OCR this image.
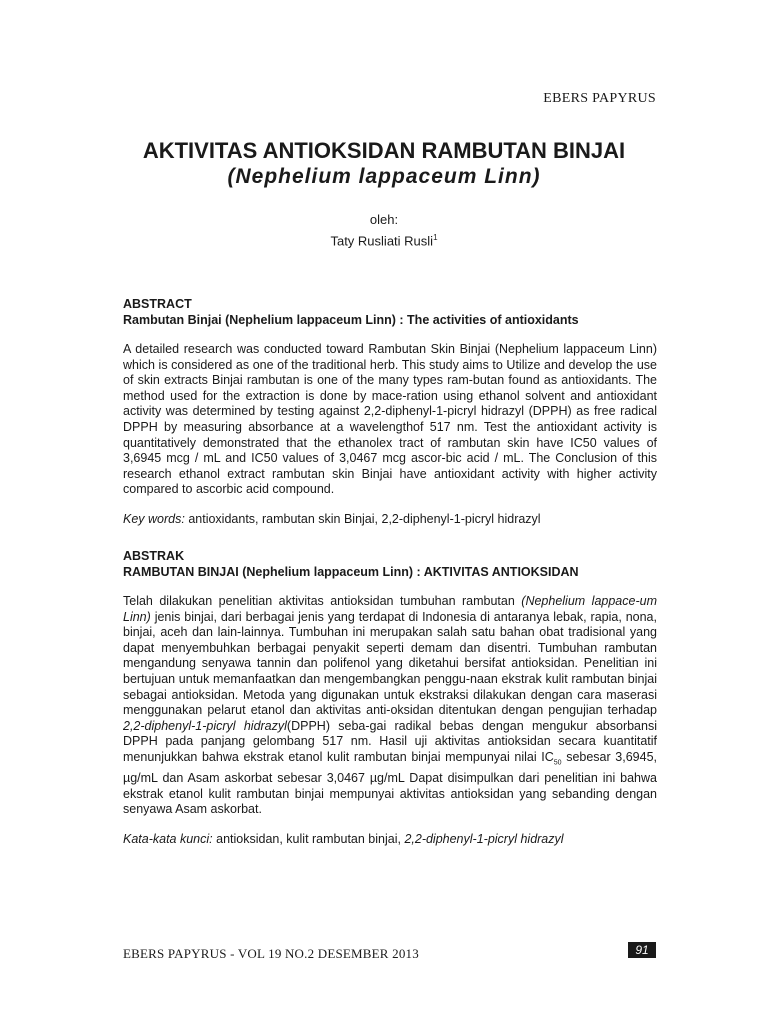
EBERS PAPYRUS
AKTIVITAS ANTIOKSIDAN RAMBUTAN BINJAI
(Nephelium lappaceum Linn)
oleh:
Taty Rusliati Rusli$^1$
ABSTRACT
Rambutan Binjai (Nephelium lappaceum Linn) : The activities of antioxidants
A detailed research was conducted toward Rambutan Skin Binjai (Nephelium lappaceum Linn) which is considered as one of the traditional herb. This study aims to Utilize and develop the use of skin extracts Binjai rambutan is one of the many types ram-butan found as antioxidants. The method used for the extraction is done by mace-ration using ethanol solvent and antioxidant activity was determined by testing against 2,2-diphenyl-1-picryl hidrazyl (DPPH) as free radical DPPH by measuring absorbance at a wavelengthof 517 nm. Test the antioxidant activity is quantitatively demonstrated that the ethanolex tract of rambutan skin have IC50 values of 3,6945 mcg / mL and IC50 values of 3,0467 mcg ascor-bic acid / mL. The Conclusion of this research ethanol extract rambutan skin Binjai have antioxidant activity with higher activity compared to ascorbic acid compound.
Key words: antioxidants, rambutan skin Binjai, 2,2-diphenyl-1-picryl hidrazyl
ABSTRAK
RAMBUTAN BINJAI (Nephelium lappaceum Linn) : AKTIVITAS ANTIOKSIDAN
Telah dilakukan penelitian aktivitas antioksidan tumbuhan rambutan (Nephelium lappace-um Linn) jenis binjai, dari berbagai jenis yang terdapat di Indonesia di antaranya lebak, rapia, nona, binjai, aceh dan lain-lainnya. Tumbuhan ini merupakan salah satu bahan obat tradisional yang dapat menyembuhkan berbagai penyakit seperti demam dan disentri. Tumbuhan rambutan mengandung senyawa tannin dan polifenol yang diketahui bersifat antioksidan. Penelitian ini bertujuan untuk memanfaatkan dan mengembangkan penggu-naan ekstrak kulit rambutan binjai sebagai antioksidan. Metoda yang digunakan untuk ekstraksi dilakukan dengan cara maserasi menggunakan pelarut etanol dan aktivitas anti-oksidan ditentukan dengan pengujian terhadap 2,2-diphenyl-1-picryl hidrazyl(DPPH) seba-gai radikal bebas dengan mengukur absorbansi DPPH pada panjang gelombang 517 nm. Hasil uji aktivitas antioksidan secara kuantitatif menunjukkan bahwa ekstrak etanol kulit rambutan binjai mempunyai nilai $IC_{50}$ sebesar 3,6945, µg/mL dan Asam askorbat sebesar 3,0467 µg/mL Dapat disimpulkan dari penelitian ini bahwa ekstrak etanol kulit rambutan binjai mempunyai aktivitas antioksidan yang sebanding dengan senyawa Asam askorbat.
Kata-kata kunci: antioksidan, kulit rambutan binjai, 2,2-diphenyl-1-picryl hidrazyl
EBERS PAPYRUS - VOL 19 NO.2 DESEMBER 2013	91
